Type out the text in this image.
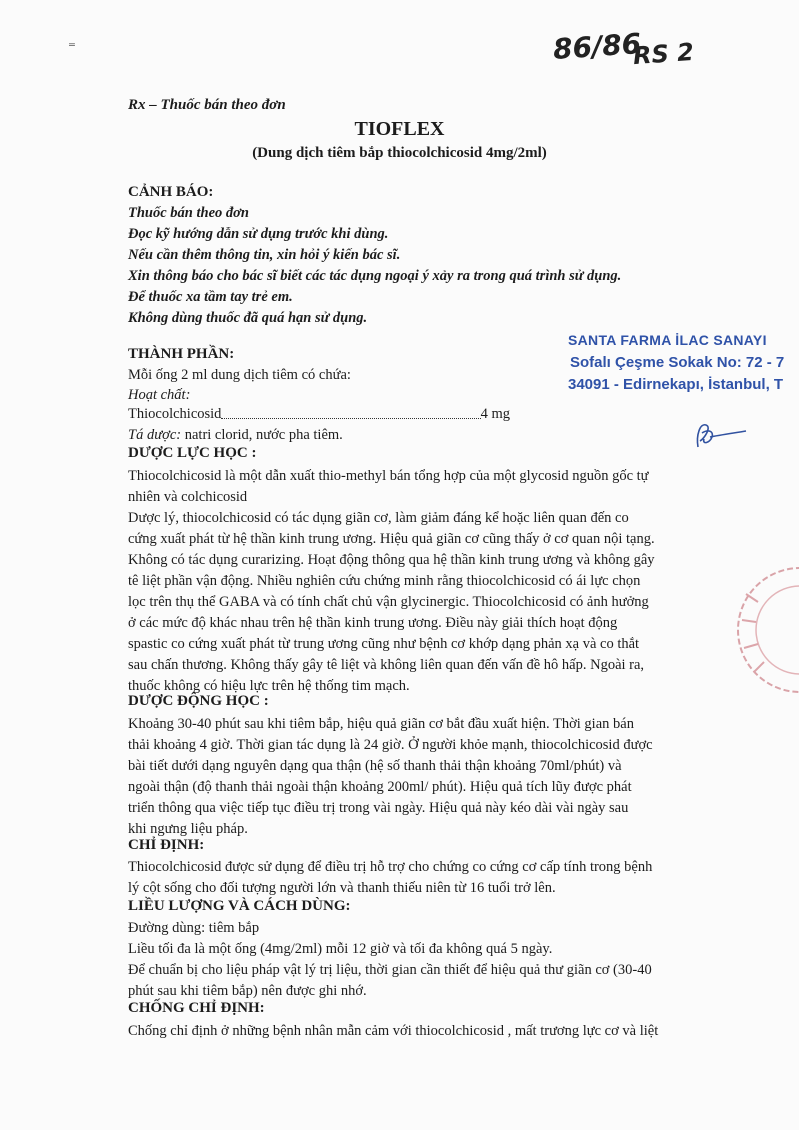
⁼	86/86
RS 2
Rx – Thuốc bán theo đơn
TIOFLEX
(Dung dịch tiêm bắp thiocolchicosid 4mg/2ml)
CẢNH BÁO:
Thuốc bán theo đơn
Đọc kỹ hướng dẫn sử dụng trước khi dùng.
Nếu cần thêm thông tin, xin hỏi ý kiến bác sĩ.
Xin thông báo cho bác sĩ biết các tác dụng ngoại ý xảy ra trong quá trình sử dụng.
Để thuốc xa tầm tay trẻ em.
Không dùng thuốc đã quá hạn sử dụng.
SANTA FARMA İLAC SANAYI
Sofalı Çeşme Sokak No: 72 - 7
34091 - Edirnekapı, İstanbul, T
THÀNH PHẦN:
Mỗi ống 2 ml dung dịch tiêm có chứa:
Hoạt chất:
Thiocolchicosid	4 mg
Tá dược: natri clorid, nước pha tiêm.
DƯỢC LỰC HỌC :
Thiocolchicosid là một dẫn xuất thio-methyl bán tổng hợp của một glycosid nguồn gốc tự
nhiên và colchicosid
Dược lý, thiocolchicosid có tác dụng giãn cơ, làm giảm đáng kể hoặc liên quan đến co
cứng xuất phát từ hệ thần kinh trung ương. Hiệu quả giãn cơ cũng thấy ở cơ quan nội tạng.
Không có tác dụng curarizing. Hoạt động thông qua hệ thần kinh trung ương và không gây
tê liệt phần vận động. Nhiều nghiên cứu chứng minh rằng thiocolchicosid có ái lực chọn
lọc trên thụ thể GABA và có tính chất chủ vận glycinergic. Thiocolchicosid có ảnh hưởng
ở các mức độ khác nhau trên hệ thần kinh trung ương. Điều này giải thích hoạt động
spastic co cứng xuất phát từ trung ương cũng như bệnh cơ khớp dạng phản xạ và co thắt
sau chấn thương. Không thấy gây tê liệt và không liên quan đến vấn đề hô hấp. Ngoài ra,
thuốc không có hiệu lực trên hệ thống tim mạch.
DƯỢC ĐỘNG HỌC :
Khoảng 30-40 phút sau khi tiêm bắp, hiệu quả giãn cơ bắt đầu xuất hiện. Thời gian bán
thải khoảng 4 giờ. Thời gian tác dụng là 24 giờ. Ở người khỏe mạnh, thiocolchicosid được
bài tiết dưới dạng nguyên dạng qua thận (hệ số thanh thải thận khoảng 70ml/phút) và
ngoài thận (độ thanh thải ngoài thận khoảng 200ml/ phút). Hiệu quả tích lũy được phát
triển thông qua việc tiếp tục điều trị trong vài ngày. Hiệu quả này kéo dài vài ngày sau
khi ngưng liệu pháp.
CHỈ ĐỊNH:
Thiocolchicosid được sử dụng để điều trị hỗ trợ cho chứng co cứng cơ cấp tính trong bệnh
lý cột sống cho đối tượng người lớn và thanh thiếu niên từ 16 tuổi trở lên.
LIỀU LƯỢNG VÀ CÁCH DÙNG:
Đường dùng: tiêm bắp
Liều tối đa là một ống (4mg/2ml) mỗi 12 giờ và tối đa không quá 5 ngày.
Để chuẩn bị cho liệu pháp vật lý trị liệu, thời gian cần thiết để hiệu quả thư giãn cơ (30-40
phút sau khi tiêm bắp) nên được ghi nhớ.
CHỐNG CHỈ ĐỊNH:
Chống chỉ định ở những bệnh nhân mẫn cảm với thiocolchicosid , mất trương lực cơ và liệt
